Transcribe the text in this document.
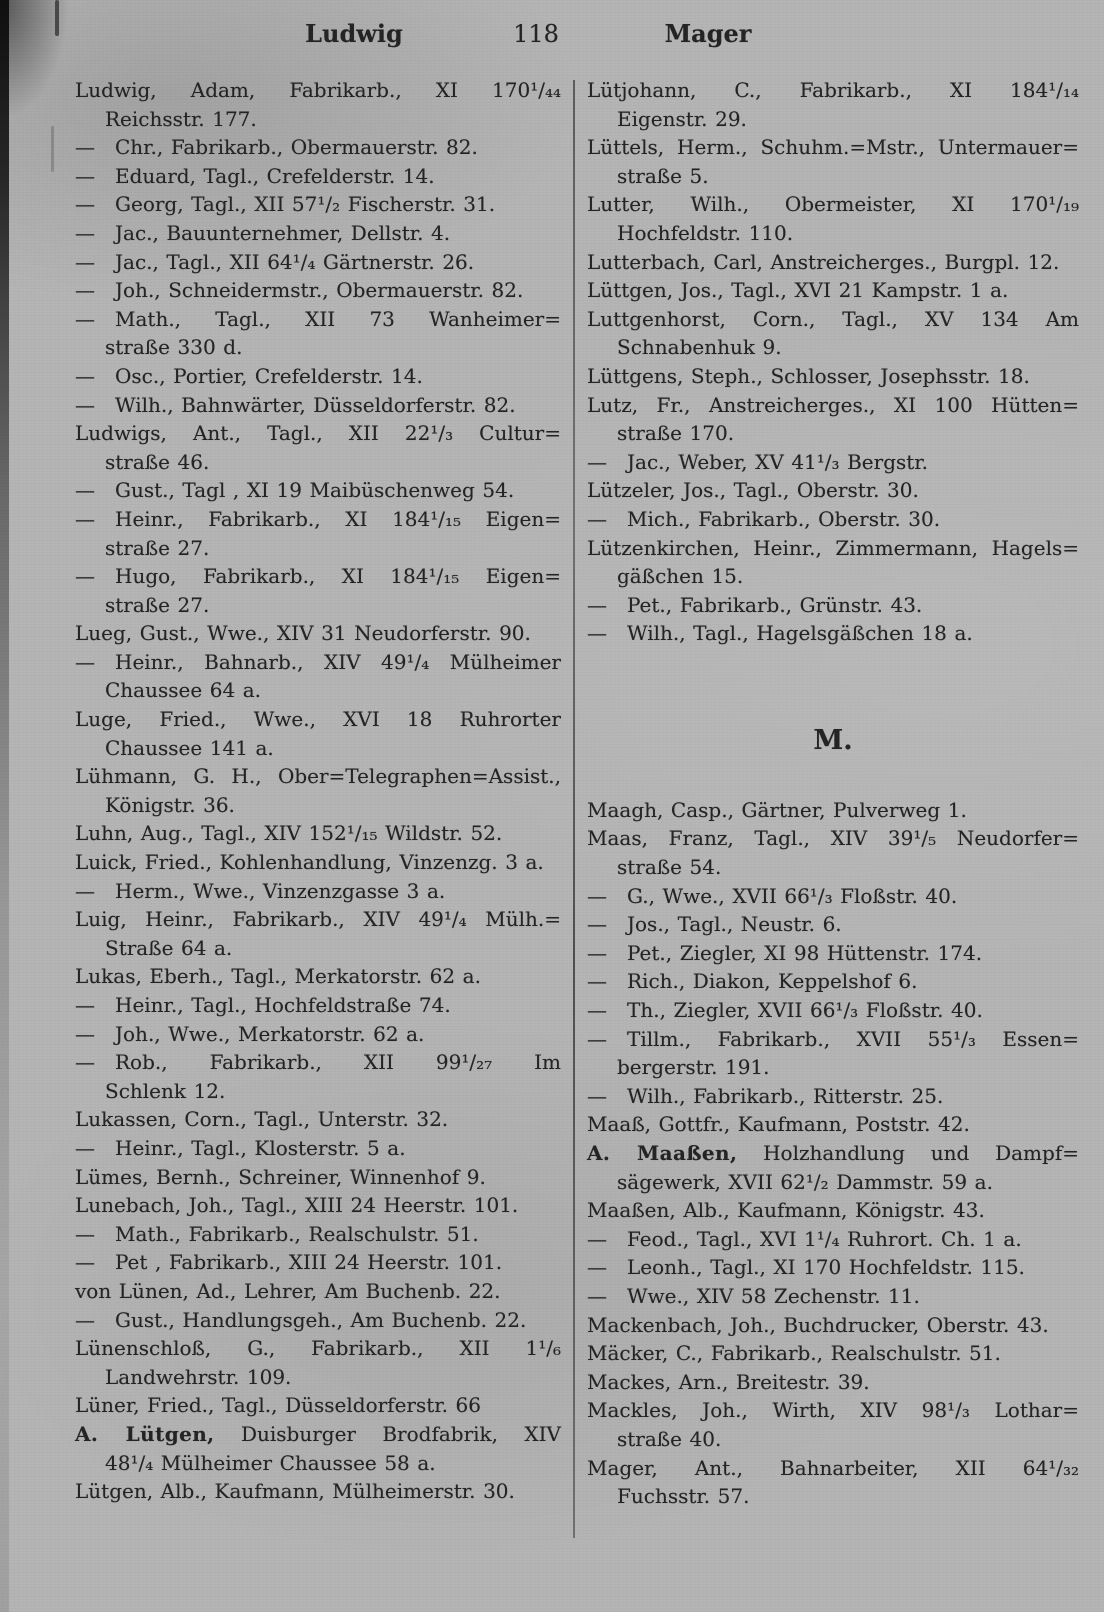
Ludwig	118	Mager

Ludwig, Adam, Fabrikarb., XI 170¹/₄₄
Reichsstr. 177.

— Chr., Fabrikarb., Obermauerstr. 82.

— Eduard, Tagl., Crefelderstr. 14.

— Georg, Tagl., XII 57¹/₂ Fischerstr. 31.

— Jac., Bauunternehmer, Dellstr. 4.

— Jac., Tagl., XII 64¹/₄ Gärtnerstr. 26.

— Joh., Schneidermstr., Obermauerstr. 82.

— Math., Tagl., XII 73 Wanheimer=
straße 330 d.

— Osc., Portier, Crefelderstr. 14.

— Wilh., Bahnwärter, Düsseldorferstr. 82.

Ludwigs, Ant., Tagl., XII 22¹/₃ Cultur=
straße 46.

— Gust., Tagl , XI 19 Maibüschenweg 54.

— Heinr., Fabrikarb., XI 184¹/₁₅ Eigen=
straße 27.

— Hugo, Fabrikarb., XI 184¹/₁₅ Eigen=
straße 27.

Lueg, Gust., Wwe., XIV 31 Neudorferstr. 90.

— Heinr., Bahnarb., XIV 49¹/₄ Mülheimer
Chaussee 64 a.

Luge, Fried., Wwe., XVI 18 Ruhrorter
Chaussee 141 a.

Lühmann, G. H., Ober=Telegraphen=Assist.,
Königstr. 36.

Luhn, Aug., Tagl., XIV 152¹/₁₅ Wildstr. 52.

Luick, Fried., Kohlenhandlung, Vinzenzg. 3 a.

— Herm., Wwe., Vinzenzgasse 3 a.

Luig, Heinr., Fabrikarb., XIV 49¹/₄ Mülh.=
Straße 64 a.

Lukas, Eberh., Tagl., Merkatorstr. 62 a.

— Heinr., Tagl., Hochfeldstraße 74.

— Joh., Wwe., Merkatorstr. 62 a.

— Rob., Fabrikarb., XII 99¹/₂₇ Im
Schlenk 12.

Lukassen, Corn., Tagl., Unterstr. 32.

— Heinr., Tagl., Klosterstr. 5 a.

Lümes, Bernh., Schreiner, Winnenhof 9.

Lunebach, Joh., Tagl., XIII 24 Heerstr. 101.

— Math., Fabrikarb., Realschulstr. 51.

— Pet , Fabrikarb., XIII 24 Heerstr. 101.

von Lünen, Ad., Lehrer, Am Buchenb. 22.

— Gust., Handlungsgeh., Am Buchenb. 22.

Lünenschloß, G., Fabrikarb., XII 1¹/₆
Landwehrstr. 109.

Lüner, Fried., Tagl., Düsseldorferstr. 66

A. Lütgen, Duisburger Brodfabrik, XIV
48¹/₄ Mülheimer Chaussee 58 a.

Lütgen, Alb., Kaufmann, Mülheimerstr. 30.

Lütjohann, C., Fabrikarb., XI 184¹/₁₄
Eigenstr. 29.

Lüttels, Herm., Schuhm.=Mstr., Untermauer=
straße 5.

Lutter, Wilh., Obermeister, XI 170¹/₁₉
Hochfeldstr. 110.

Lutterbach, Carl, Anstreicherges., Burgpl. 12.

Lüttgen, Jos., Tagl., XVI 21 Kampstr. 1 a.

Luttgenhorst, Corn., Tagl., XV 134 Am
Schnabenhuk 9.

Lüttgens, Steph., Schlosser, Josephsstr. 18.

Lutz, Fr., Anstreicherges., XI 100 Hütten=
straße 170.

— Jac., Weber, XV 41¹/₃ Bergstr.

Lützeler, Jos., Tagl., Oberstr. 30.

— Mich., Fabrikarb., Oberstr. 30.

Lützenkirchen, Heinr., Zimmermann, Hagels=
gäßchen 15.

— Pet., Fabrikarb., Grünstr. 43.

— Wilh., Tagl., Hagelsgäßchen 18 a.

M.

Maagh, Casp., Gärtner, Pulverweg 1.

Maas, Franz, Tagl., XIV 39¹/₅ Neudorfer=
straße 54.

— G., Wwe., XVII 66¹/₃ Floßstr. 40.

— Jos., Tagl., Neustr. 6.

— Pet., Ziegler, XI 98 Hüttenstr. 174.

— Rich., Diakon, Keppelshof 6.

— Th., Ziegler, XVII 66¹/₃ Floßstr. 40.

— Tillm., Fabrikarb., XVII 55¹/₃ Essen=
bergerstr. 191.

— Wilh., Fabrikarb., Ritterstr. 25.

Maaß, Gottfr., Kaufmann, Poststr. 42.

A. Maaßen, Holzhandlung und Dampf=
sägewerk, XVII 62¹/₂ Dammstr. 59 a.

Maaßen, Alb., Kaufmann, Königstr. 43.

— Feod., Tagl., XVI 1¹/₄ Ruhrort. Ch. 1 a.

— Leonh., Tagl., XI 170 Hochfeldstr. 115.

— Wwe., XIV 58 Zechenstr. 11.

Mackenbach, Joh., Buchdrucker, Oberstr. 43.

Mäcker, C., Fabrikarb., Realschulstr. 51.

Mackes, Arn., Breitestr. 39.

Mackles, Joh., Wirth, XIV 98¹/₃ Lothar=
straße 40.

Mager, Ant., Bahnarbeiter, XII 64¹/₃₂
Fuchsstr. 57.
